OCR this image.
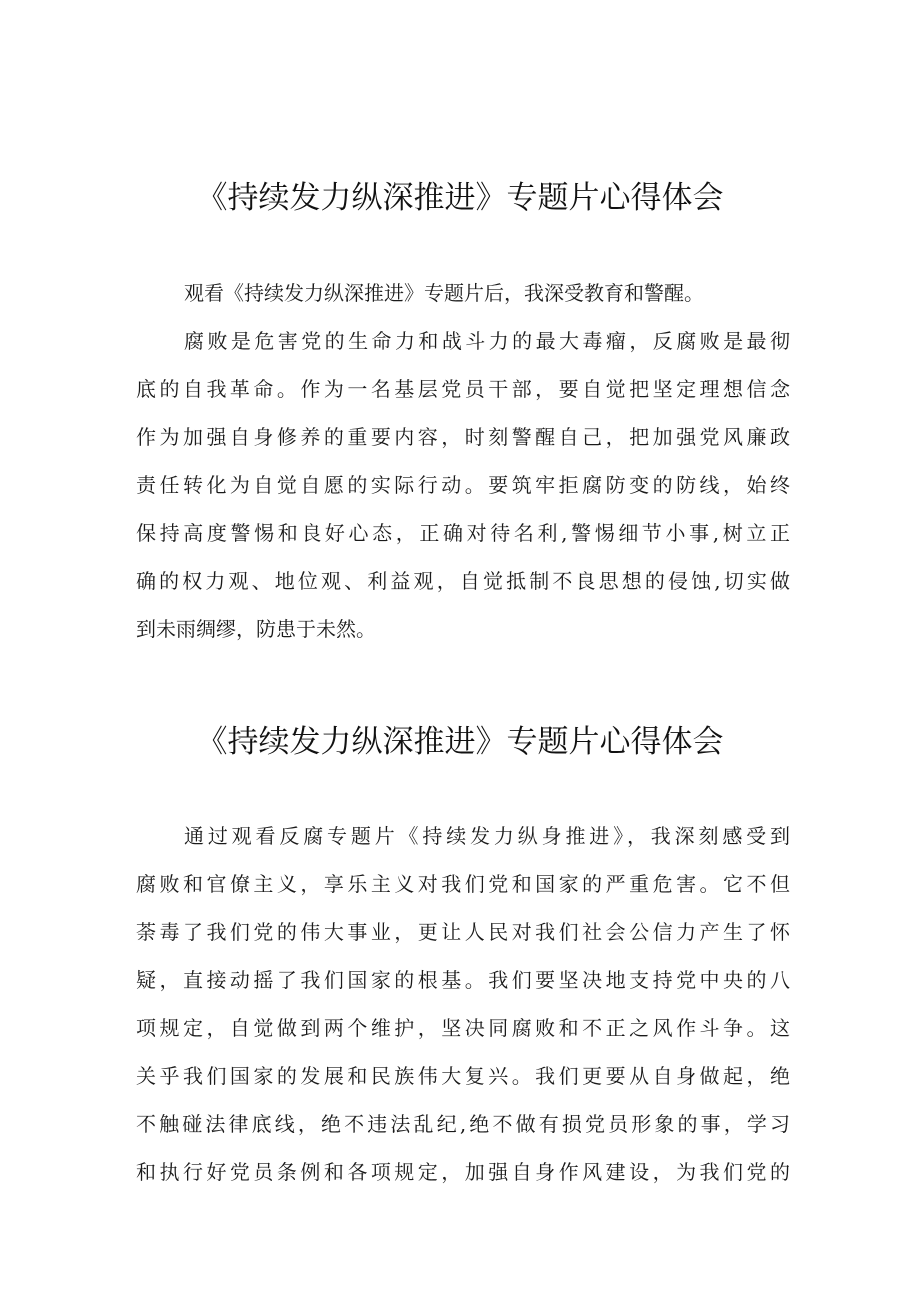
《持续发力纵深推进》专题片心得体会
观看《持续发力纵深推进》专题片后，我深受教育和警醒。
腐败是危害党的生命力和战斗力的最大毒瘤，反腐败是最彻
底的自我革命。作为一名基层党员干部，要自觉把坚定理想信念
作为加强自身修养的重要内容，时刻警醒自己，把加强党风廉政
责任转化为自觉自愿的实际行动。要筑牢拒腐防变的防线，始终
保持高度警惕和良好心态，正确对待名利,警惕细节小事,树立正
确的权力观、地位观、利益观，自觉抵制不良思想的侵蚀,切实做
到未雨绸缪，防患于未然。
《持续发力纵深推进》专题片心得体会
通过观看反腐专题片《持续发力纵身推进》，我深刻感受到
腐败和官僚主义，享乐主义对我们党和国家的严重危害。它不但
荼毒了我们党的伟大事业，更让人民对我们社会公信力产生了怀
疑，直接动摇了我们国家的根基。我们要坚决地支持党中央的八
项规定，自觉做到两个维护，坚决同腐败和不正之风作斗争。这
关乎我们国家的发展和民族伟大复兴。我们更要从自身做起，绝
不触碰法律底线，绝不违法乱纪,绝不做有损党员形象的事，学习
和执行好党员条例和各项规定，加强自身作风建设，为我们党的
